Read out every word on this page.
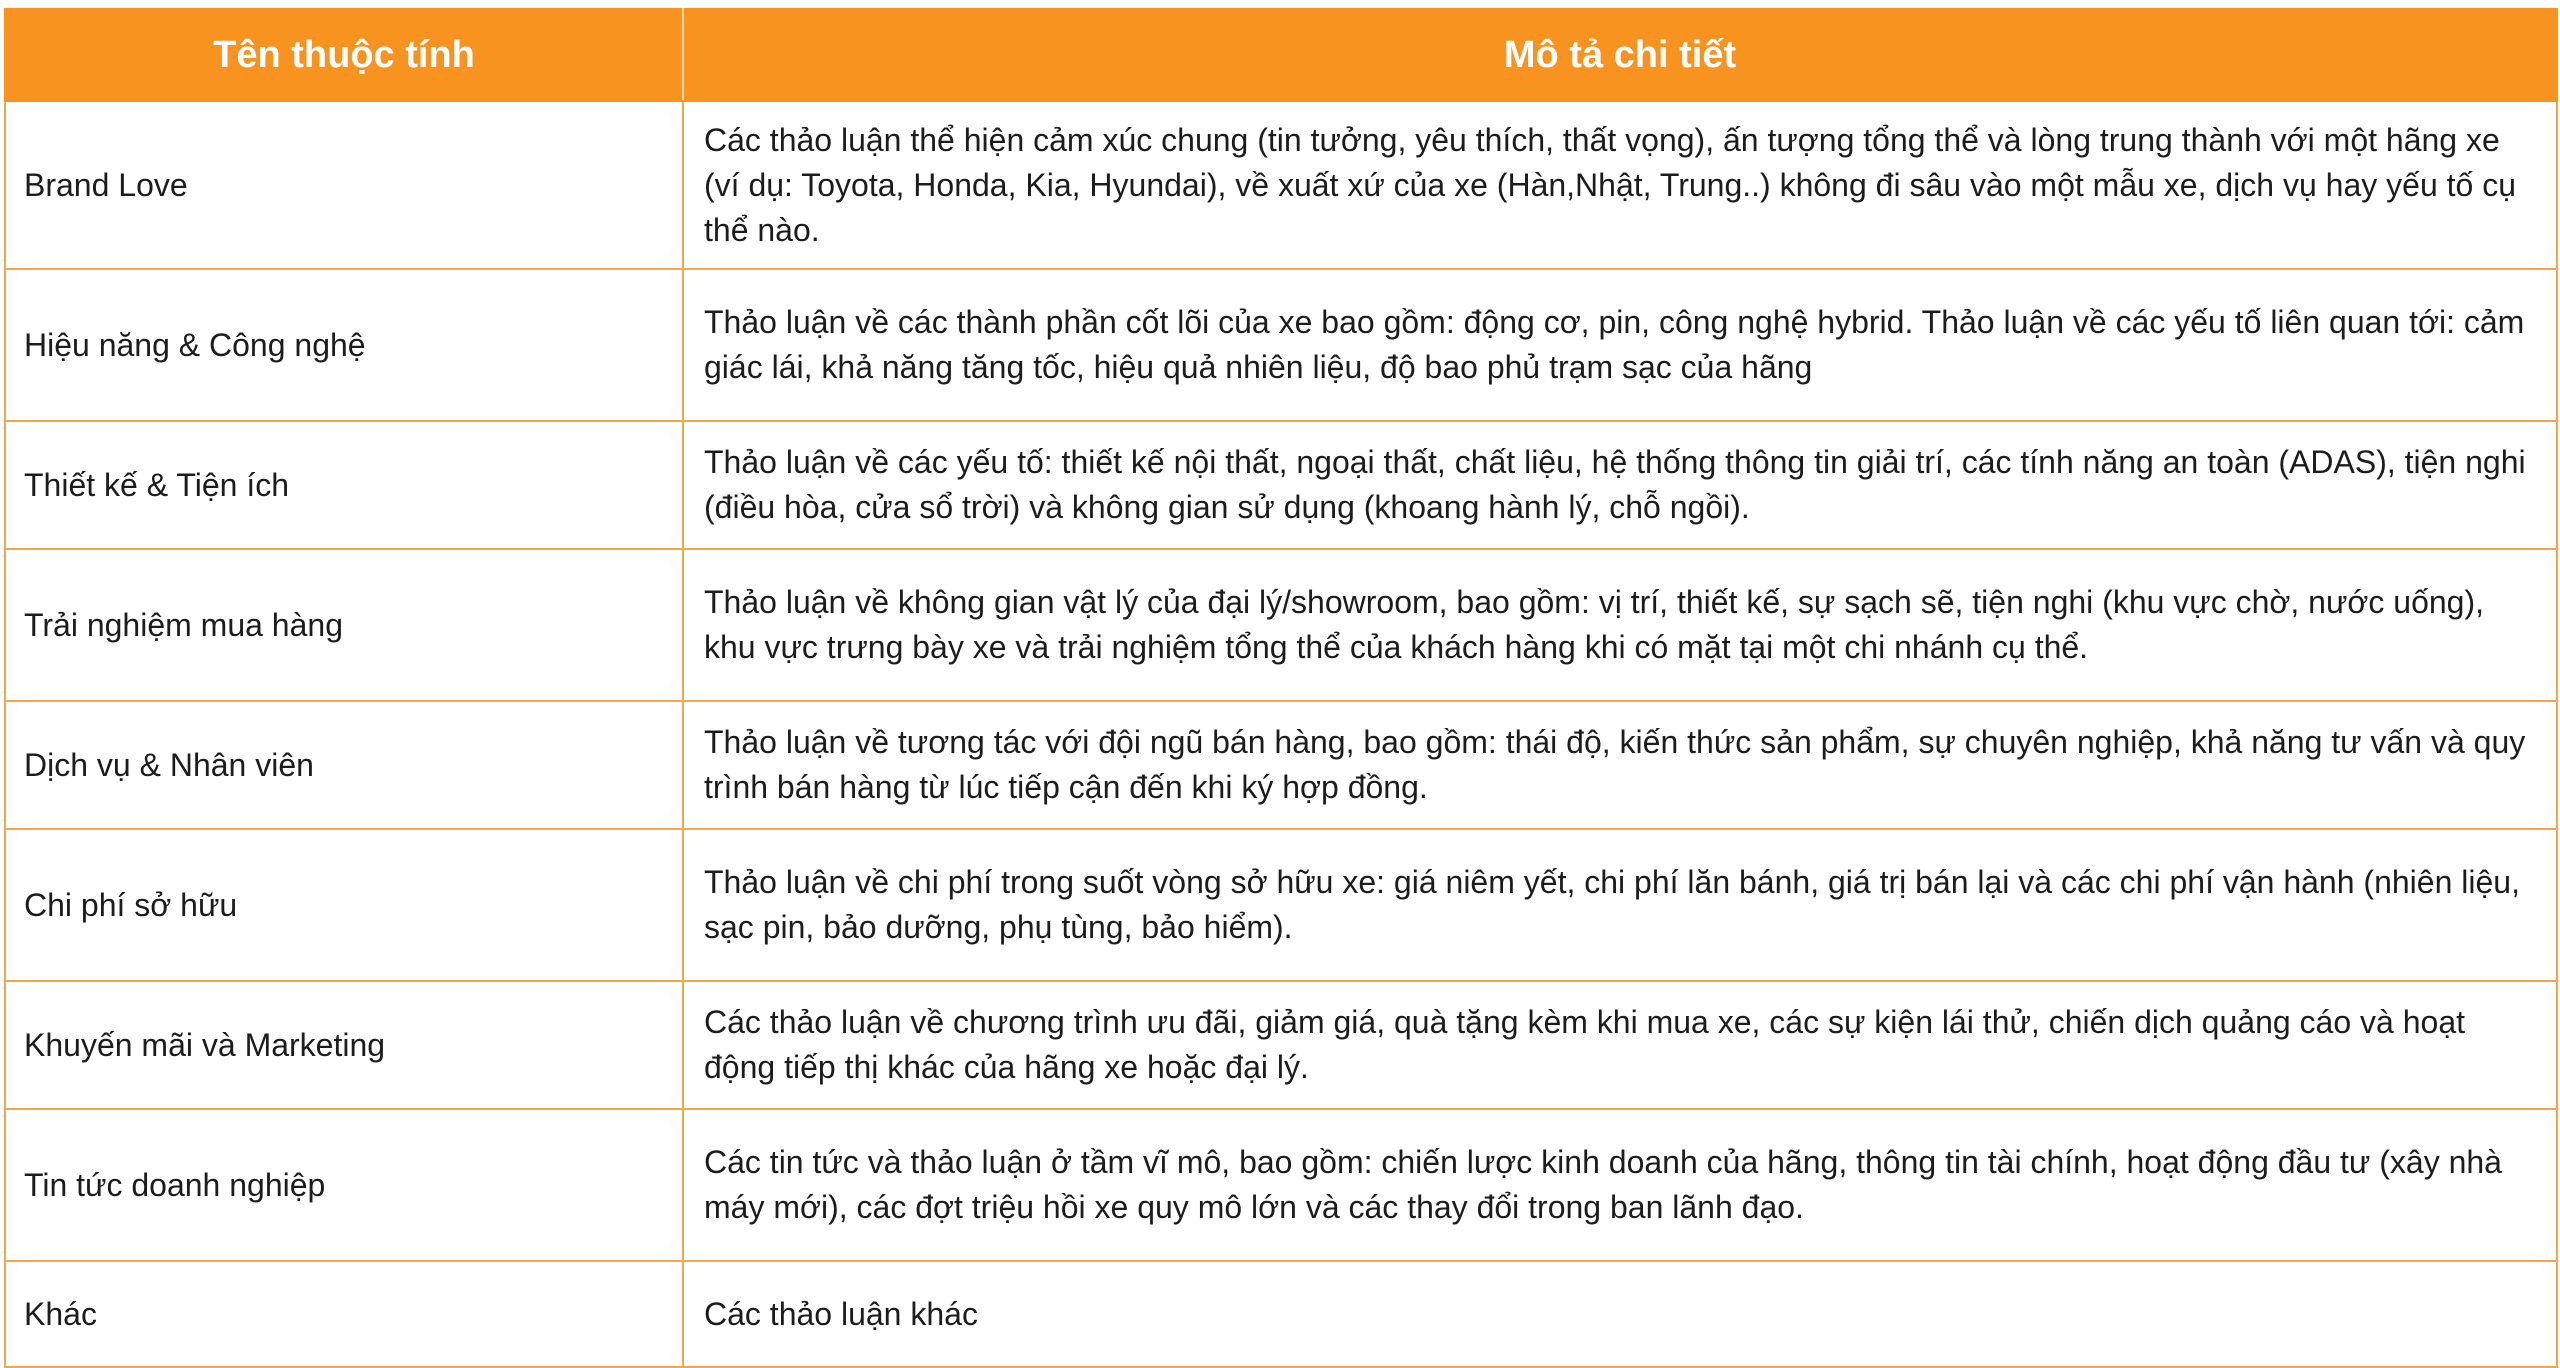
Tên thuộc tính	Mô tả chi tiết
Brand Love	Các thảo luận thể hiện cảm xúc chung (tin tưởng, yêu thích, thất vọng), ấn tượng tổng thể và lòng trung thành với một hãng xe (ví dụ: Toyota, Honda, Kia, Hyundai), về xuất xứ của xe (Hàn,Nhật, Trung..) không đi sâu vào một mẫu xe, dịch vụ hay yếu tố cụ thể nào.
Hiệu năng & Công nghệ	Thảo luận về các thành phần cốt lõi của xe bao gồm: động cơ, pin, công nghệ hybrid. Thảo luận về các yếu tố liên quan tới: cảm giác lái, khả năng tăng tốc, hiệu quả nhiên liệu, độ bao phủ trạm sạc của hãng
Thiết kế & Tiện ích	Thảo luận về các yếu tố: thiết kế nội thất, ngoại thất, chất liệu, hệ thống thông tin giải trí, các tính năng an toàn (ADAS), tiện nghi (điều hòa, cửa sổ trời) và không gian sử dụng (khoang hành lý, chỗ ngồi).
Trải nghiệm mua hàng	Thảo luận về không gian vật lý của đại lý/showroom, bao gồm: vị trí, thiết kế, sự sạch sẽ, tiện nghi (khu vực chờ, nước uống), khu vực trưng bày xe và trải nghiệm tổng thể của khách hàng khi có mặt tại một chi nhánh cụ thể.
Dịch vụ & Nhân viên	Thảo luận về tương tác với đội ngũ bán hàng, bao gồm: thái độ, kiến thức sản phẩm, sự chuyên nghiệp, khả năng tư vấn và quy trình bán hàng từ lúc tiếp cận đến khi ký hợp đồng.
Chi phí sở hữu	Thảo luận về chi phí trong suốt vòng sở hữu xe: giá niêm yết, chi phí lăn bánh, giá trị bán lại và các chi phí vận hành (nhiên liệu, sạc pin, bảo dưỡng, phụ tùng, bảo hiểm).
Khuyến mãi và Marketing	Các thảo luận về chương trình ưu đãi, giảm giá, quà tặng kèm khi mua xe, các sự kiện lái thử, chiến dịch quảng cáo và hoạt động tiếp thị khác của hãng xe hoặc đại lý.
Tin tức doanh nghiệp	Các tin tức và thảo luận ở tầm vĩ mô, bao gồm: chiến lược kinh doanh của hãng, thông tin tài chính, hoạt động đầu tư (xây nhà máy mới), các đợt triệu hồi xe quy mô lớn và các thay đổi trong ban lãnh đạo.
Khác	Các thảo luận khác
